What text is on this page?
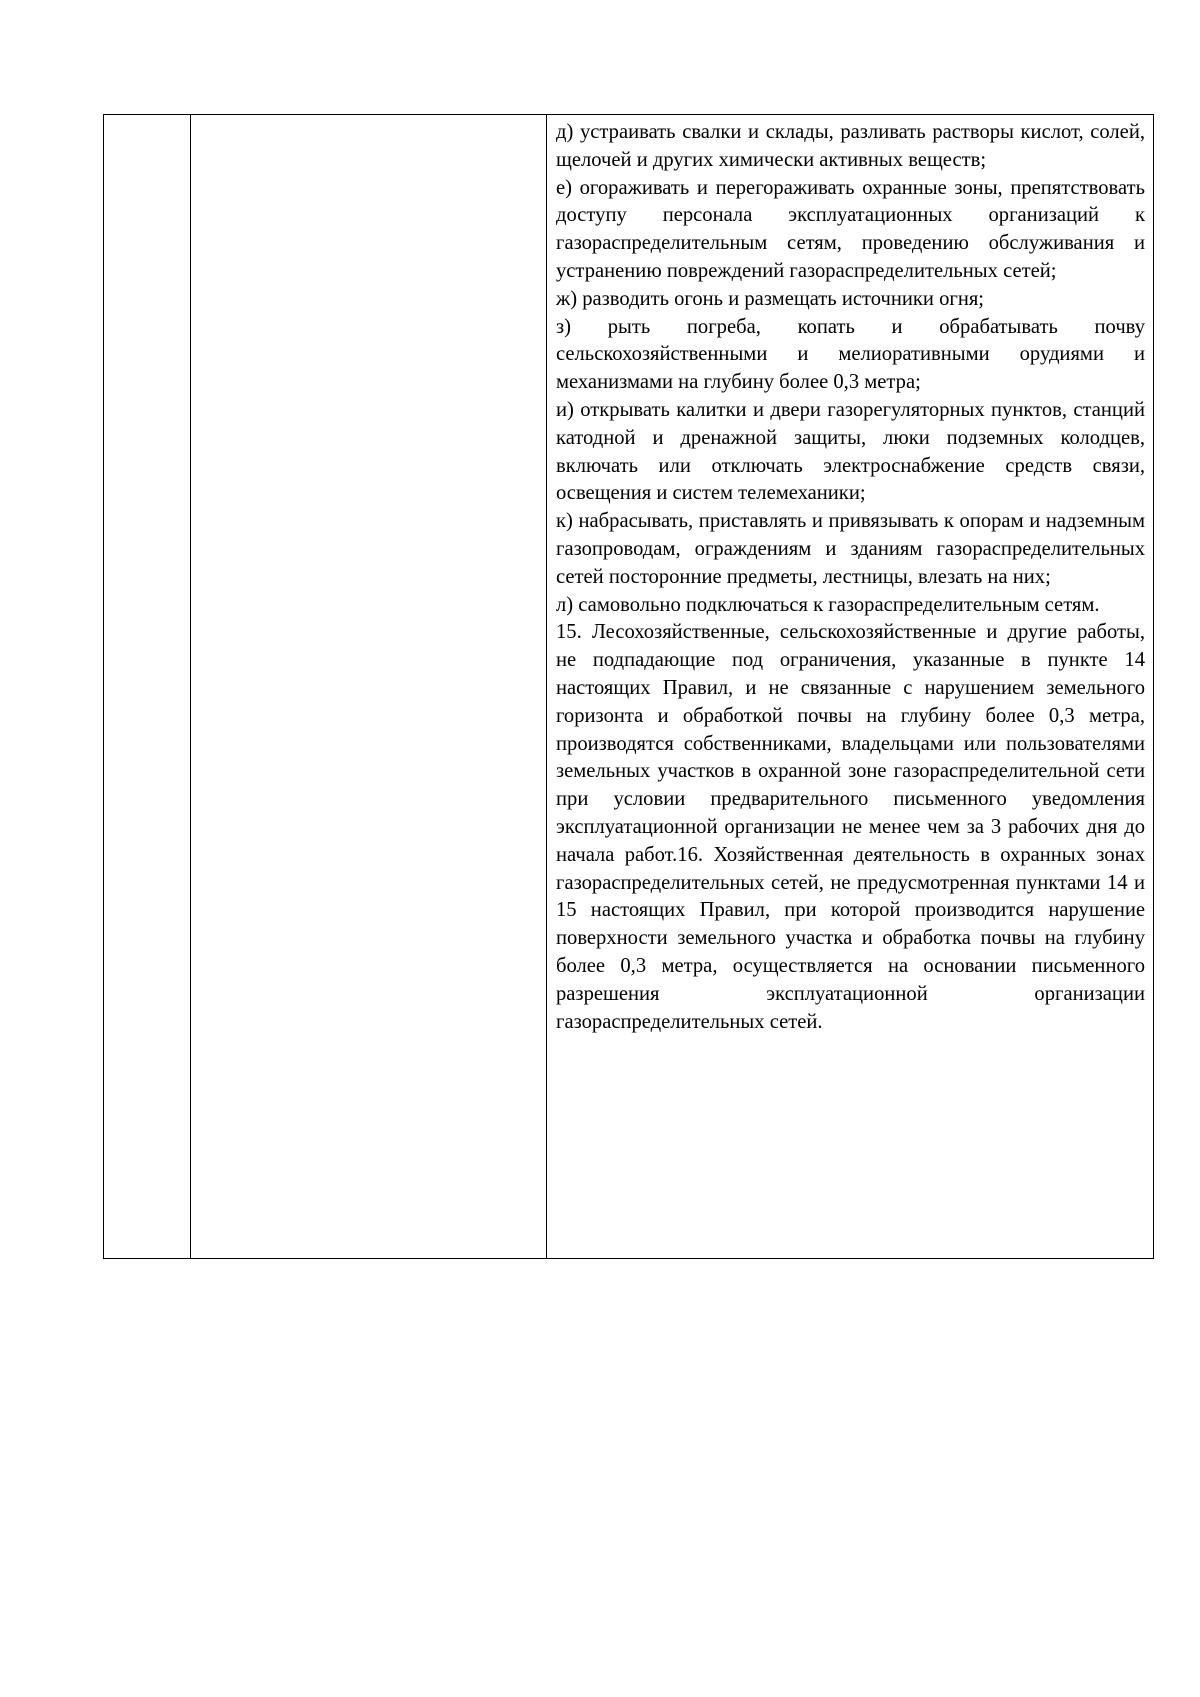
д) устраивать свалки и склады, разливать растворы кислот, солей, щелочей и других химически активных веществ;

е) огораживать и перегораживать охранные зоны, препятствовать доступу персонала эксплуатационных организаций к газораспределительным сетям, проведению обслуживания и устранению повреждений газораспределительных сетей;

ж) разводить огонь и размещать источники огня;

з) рыть погреба, копать и обрабатывать почву сельскохозяйственными и мелиоративными орудиями и механизмами на глубину более 0,3 метра;

и) открывать калитки и двери газорегуляторных пунктов, станций катодной и дренажной защиты, люки подземных колодцев, включать или отключать электроснабжение средств связи, освещения и систем телемеханики;

к) набрасывать, приставлять и привязывать к опорам и надземным газопроводам, ограждениям и зданиям газораспределительных сетей посторонние предметы, лестницы, влезать на них;

л) самовольно подключаться к газораспределительным сетям.

15. Лесохозяйственные, сельскохозяйственные и другие работы, не подпадающие под ограничения, указанные в пункте 14 настоящих Правил, и не связанные с нарушением земельного горизонта и обработкой почвы на глубину более 0,3 метра, производятся собственниками, владельцами или пользователями земельных участков в охранной зоне газораспределительной сети при условии предварительного письменного уведомления эксплуатационной организации не менее чем за 3 рабочих дня до начала работ.16. Хозяйственная деятельность в охранных зонах газораспределительных сетей, не предусмотренная пунктами 14 и 15 настоящих Правил, при которой производится нарушение поверхности земельного участка и обработка почвы на глубину более 0,3 метра, осуществляется на основании письменного разрешения эксплуатационной организации газораспределительных сетей.
